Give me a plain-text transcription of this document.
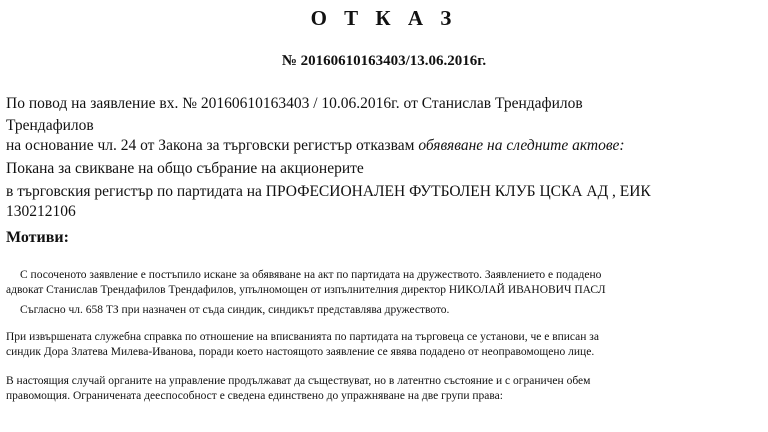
О Т К А З
№ 20160610163403/13.06.2016г.
По повод на заявление вх. № 20160610163403 / 10.06.2016г. от Станислав Трендафилов
Трендафилов
на основание чл. 24 от Закона за търговски регистър отказвам обявяване на следните актове:
Покана за свикване на общо събрание на акционерите
в търговския регистър по партидата на ПРОФЕСИОНАЛЕН ФУТБОЛЕН КЛУБ ЦСКА АД , ЕИК
130212106
Мотиви:
С посоченото заявление е постъпило искане за обявяване на акт по партидата на дружеството. Заявлението е подадено
адвокат Станислав Трендафилов Трендафилов, упълномощен от изпълнителния директор НИКОЛАЙ ИВАНОВИЧ ПАСЛ
Съгласно чл. 658 ТЗ при назначен от съда синдик, синдикът представлява дружеството.
При извършената служебна справка по отношение на вписванията по партидата на търговеца се установи, че е вписан за
синдик Дора Златева Милева-Иванова, поради което настоящото заявление се явява подадено от неоправомощено лице.
В настоящия случай органите на управление продължават да съществуват, но в латентно състояние и с ограничен обем
правомощия. Ограничената дееспособност е сведена единствено до упражняване на две групи права:
